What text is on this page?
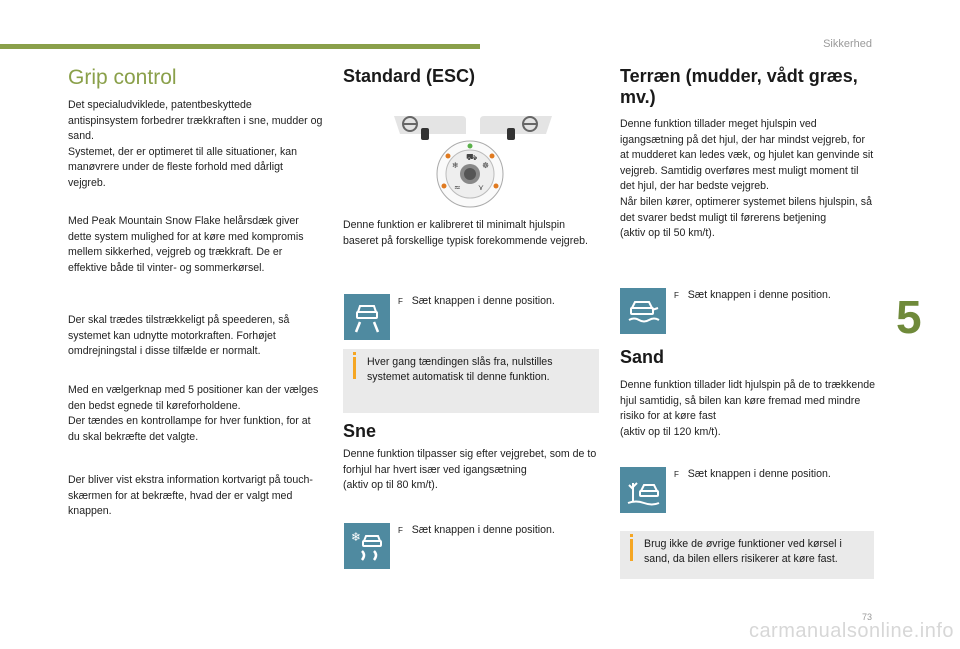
Sikkerhed
Grip control
Det specialudviklede, patentbeskyttede antispinsystem forbedrer trækkraften i sne, mudder og sand.
Systemet, der er optimeret til alle situationer, kan manøvrere under de fleste forhold med dårligt vejgreb.
Med Peak Mountain Snow Flake helårsdæk giver dette system mulighed for at køre med kompromis mellem sikkerhed, vejgreb og trækkraft. De er effektive både til vinter- og sommerkørsel.
Der skal trædes tilstrækkeligt på speederen, så systemet kan udnytte motorkraften. Forhøjet omdrejningstal i disse tilfælde er normalt.
Med en vælgerknap med 5 positioner kan der vælges den bedst egnede til køreforholdene.
Der tændes en kontrollampe for hver funktion, for at du skal bekræfte det valgte.
Der bliver vist ekstra information kortvarigt på touch-skærmen for at bekræfte, hvad der er valgt med knappen.
Standard (ESC)
⛟
❄	☸
≈ ⋎
Denne funktion er kalibreret til minimalt hjulspin baseret på forskellige typisk forekommende vejgreb.
F Sæt knappen i denne position.
Hver gang tændingen slås fra, nulstilles systemet automatisk til denne funktion.
Sne
Denne funktion tilpasser sig efter vejgrebet, som de to forhjul har hvert især ved igangsætning
(aktiv op til 80 km/t).
❄	F Sæt knappen i denne position.
Terræn (mudder, vådt græs, mv.)
Denne funktion tillader meget hjulspin ved igangsætning på det hjul, der har mindst vejgreb, for at mudderet kan ledes væk, og hjulet kan genvinde sit vejgreb. Samtidig overføres mest muligt moment til det hjul, der har bedste vejgreb.
Når bilen kører, optimerer systemet bilens hjulspin, så det svarer bedst muligt til førerens betjening
(aktiv op til 50 km/t).
F Sæt knappen i denne position.
Sand
Denne funktion tillader lidt hjulspin på de to trækkende hjul samtidig, så bilen kan køre fremad med mindre risiko for at køre fast
(aktiv op til 120 km/t).
F Sæt knappen i denne position.
Brug ikke de øvrige funktioner ved kørsel i sand, da bilen ellers risikerer at køre fast.
5
73
carmanualsonline.info
